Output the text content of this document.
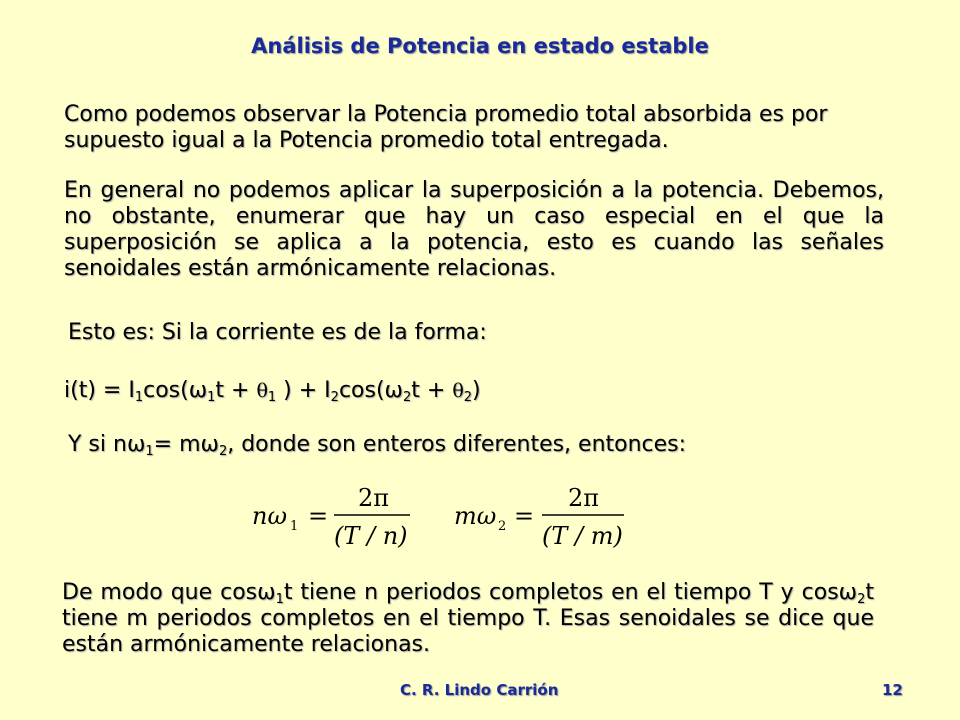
Análisis de Potencia en estado estable
Como podemos observar la Potencia promedio total absorbida es por supuesto igual a la Potencia promedio total entregada.
En general no podemos aplicar la superposición a la potencia. Debemos, no obstante, enumerar que hay un caso especial en el que la superposición se aplica a la potencia, esto es cuando las señales senoidales están armónicamente relacionas.
Esto es: Si la corriente es de la forma:
$i(t) = I_1\cos(\omega_1t + \theta_1$ ) + $I_2\cos(\omega_2t + \theta_2)$
Y si $n\omega_1= m\omega_2$, donde son enteros diferentes, entonces:
nω 1 =
2π
(T / n)
mω 2 =
2π
(T / m)
De modo que cosω$_1$t tiene n periodos completos en el tiempo T y cosω$_2$t tiene m periodos completos en el tiempo T. Esas senoidales se dice que están armónicamente relacionas.
C. R. Lindo Carrión	12
